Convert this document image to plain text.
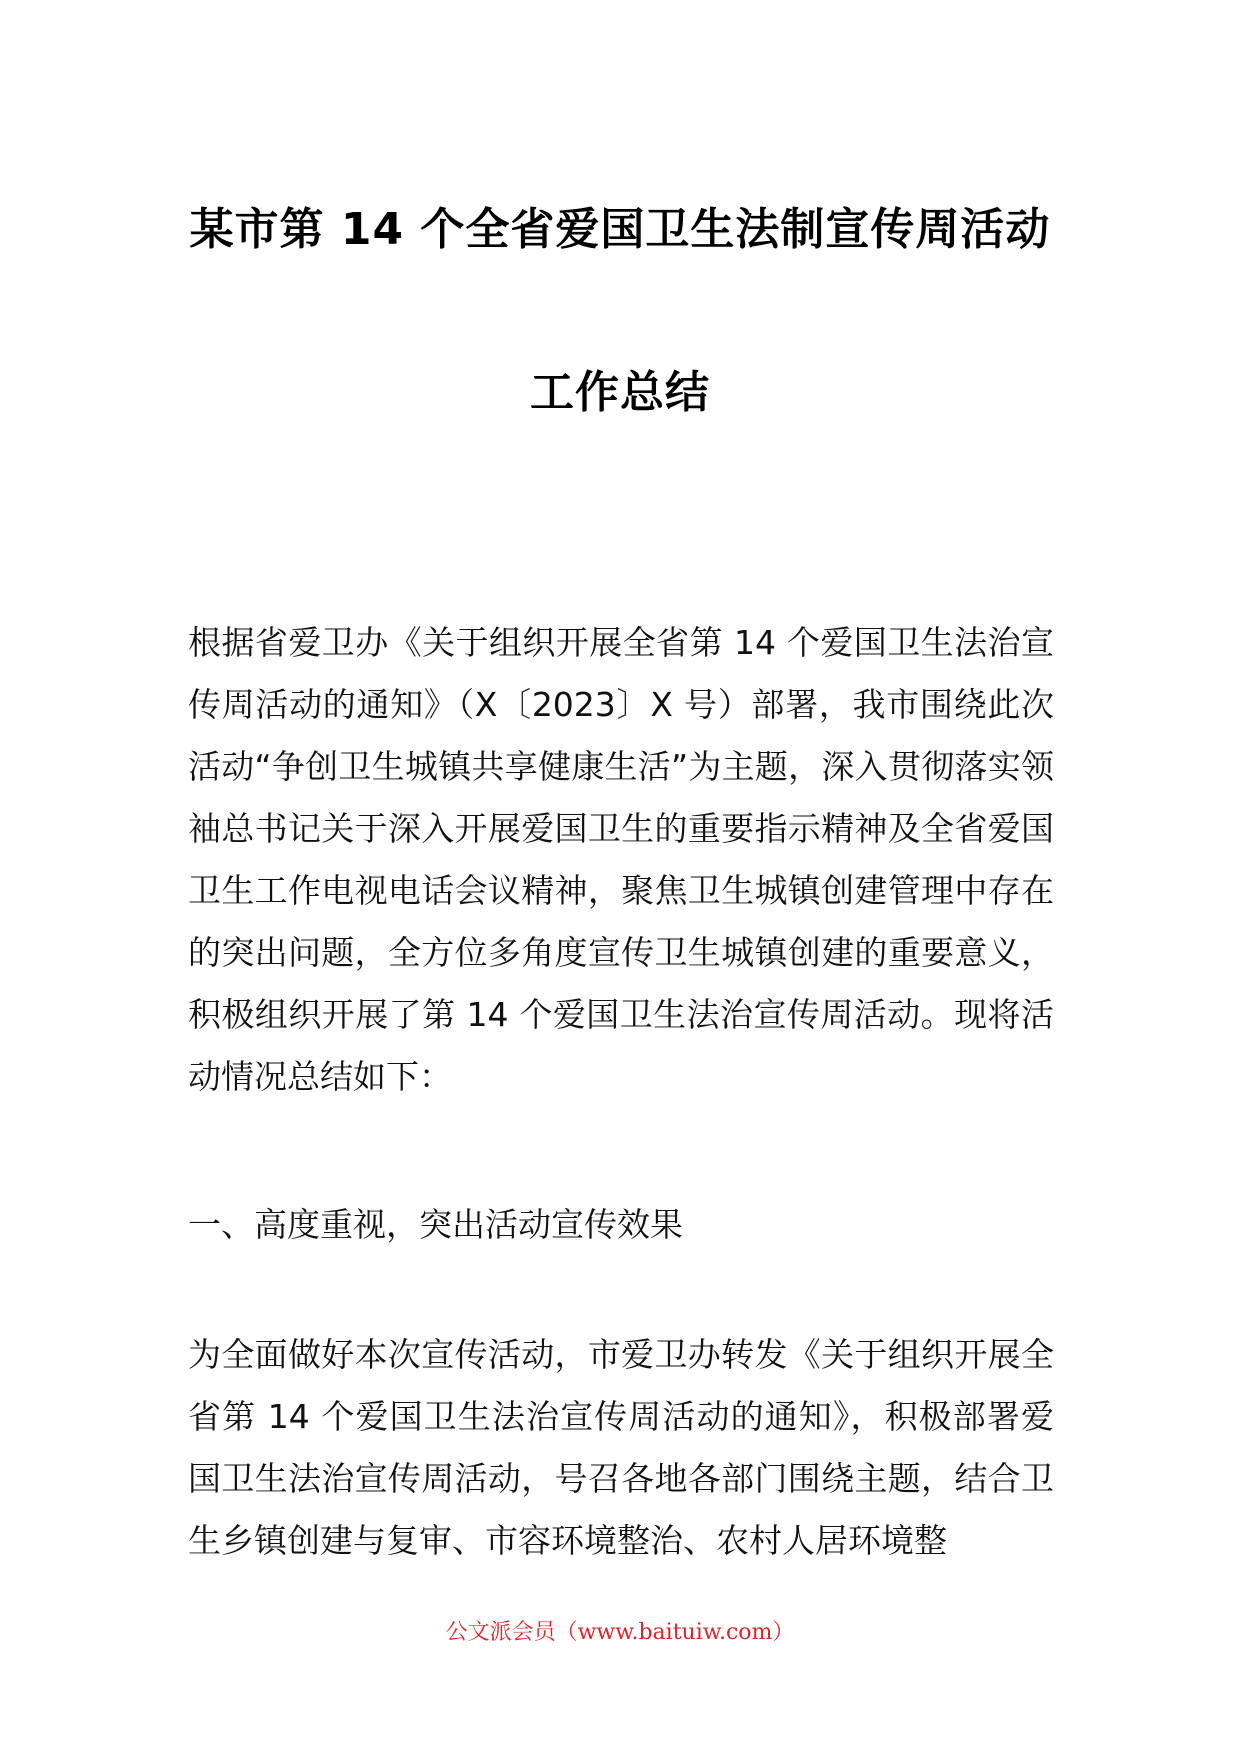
某市第 14 个全省爱国卫生法制宣传周活动
工作总结

根据省爱卫办《关于组织开展全省第 14 个爱国卫生法治宣传周活动的通知》（X〔2023〕X 号）部署，我市围绕此次活动“争创卫生城镇共享健康生活”为主题，深入贯彻落实领袖总书记关于深入开展爱国卫生的重要指示精神及全省爱国卫生工作电视电话会议精神，聚焦卫生城镇创建管理中存在的突出问题，全方位多角度宣传卫生城镇创建的重要意义，积极组织开展了第 14 个爱国卫生法治宣传周活动。现将活动情况总结如下：

一、高度重视，突出活动宣传效果

为全面做好本次宣传活动，市爱卫办转发《关于组织开展全省第 14 个爱国卫生法治宣传周活动的通知》，积极部署爱国卫生法治宣传周活动，号召各地各部门围绕主题，结合卫生乡镇创建与复审、市容环境整治、农村人居环境整

公文派会员（www.baituiw.com）
